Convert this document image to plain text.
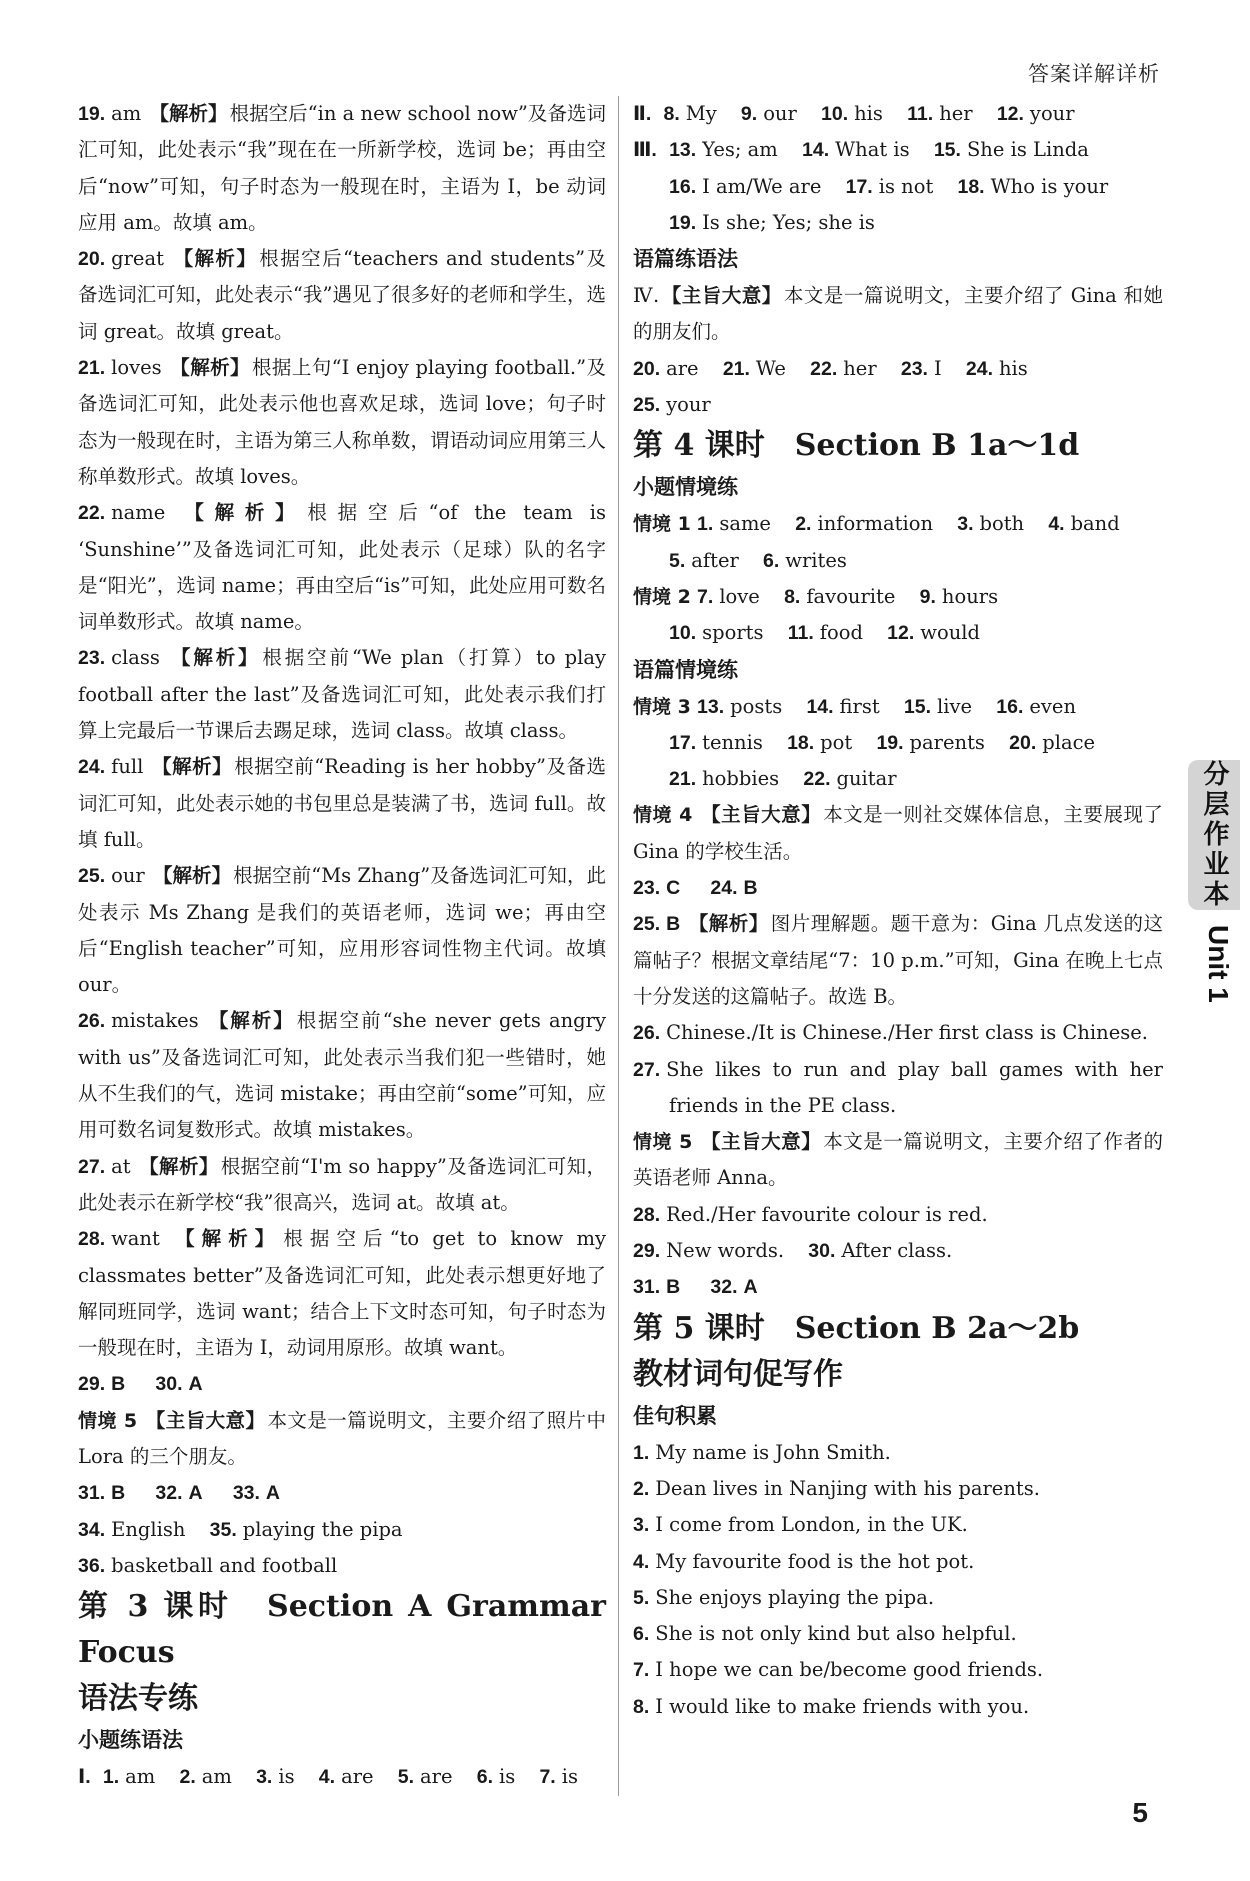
答案详解详析

19. am 【解析】 根据空后“in a new school now”及备选词汇可知，此处表示“我”现在在一所新学校，选词 be；再由空后“now”可知，句子时态为一般现在时，主语为 I，be 动词应用 am。故填 am。

20. great 【解析】 根据空后“teachers and students”及备选词汇可知，此处表示“我”遇见了很多好的老师和学生，选词 great。故填 great。

21. loves 【解析】 根据上句“I enjoy playing football.”及备选词汇可知，此处表示他也喜欢足球，选词 love；句子时态为一般现在时，主语为第三人称单数，谓语动词应用第三人称单数形式。故填 loves。

22. name 【解析】 根据空后“of the team is ‘Sunshine’”及备选词汇可知，此处表示（足球）队的名字是“阳光”，选词 name；再由空后“is”可知，此处应用可数名词单数形式。故填 name。

23. class 【解析】 根据空前“We plan（打算）to play football after the last”及备选词汇可知，此处表示我们打算上完最后一节课后去踢足球，选词 class。故填 class。

24. full 【解析】 根据空前“Reading is her hobby”及备选词汇可知，此处表示她的书包里总是装满了书，选词 full。故填 full。

25. our 【解析】 根据空前“Ms Zhang”及备选词汇可知，此处表示 Ms Zhang 是我们的英语老师，选词 we；再由空后“English teacher”可知，应用形容词性物主代词。故填 our。

26. mistakes 【解析】 根据空前“she never gets angry with us”及备选词汇可知，此处表示当我们犯一些错时，她从不生我们的气，选词 mistake；再由空前“some”可知，应用可数名词复数形式。故填 mistakes。

27. at 【解析】 根据空前“I'm so happy”及备选词汇可知，此处表示在新学校“我”很高兴，选词 at。故填 at。

28. want 【解析】 根据空后“to get to know my classmates better”及备选词汇可知，此处表示想更好地了解同班同学，选词 want；结合上下文时态可知，句子时态为一般现在时，主语为 I，动词用原形。故填 want。

29. B 30. A

情境 5 【主旨大意】 本文是一篇说明文，主要介绍了照片中 Lora 的三个朋友。

31. B 32. A 33. A

34. English 35. playing the pipa

36. basketball and football

第 3 课时　Section A Grammar Focus

语法专练

小题练语法

Ⅰ. 1. am 2. am 3. is 4. are 5. are 6. is 7. is

Ⅱ. 8. My 9. our 10. his 11. her 12. your

Ⅲ. 13. Yes; am 14. What is 15. She is Linda

16. I am/We are 17. is not 18. Who is your

19. Is she; Yes; she is

语篇练语法

Ⅳ. 【主旨大意】 本文是一篇说明文，主要介绍了 Gina 和她的朋友们。

20. are 21. We 22. her 23. I 24. his

25. your

第 4 课时　Section B 1a～1d

小题情境练

情境 1 1. same 2. information 3. both 4. band

5. after 6. writes

情境 2 7. love 8. favourite 9. hours

10. sports 11. food 12. would

语篇情境练

情境 3 13. posts 14. first 15. live 16. even

17. tennis 18. pot 19. parents 20. place

21. hobbies 22. guitar

情境 4 【主旨大意】 本文是一则社交媒体信息，主要展现了 Gina 的学校生活。

23. C 24. B

25. B 【解析】 图片理解题。题干意为：Gina 几点发送的这篇帖子？根据文章结尾“7：10 p.m.”可知，Gina 在晚上七点十分发送的这篇帖子。故选 B。

26. Chinese./It is Chinese./Her first class is Chinese.

27. She likes to run and play ball games with her friends in the PE class.

情境 5 【主旨大意】 本文是一篇说明文，主要介绍了作者的英语老师 Anna。

28. Red./Her favourite colour is red.

29. New words. 30. After class.

31. B 32. A

第 5 课时　Section B 2a～2b

教材词句促写作

佳句积累

1. My name is John Smith.

2. Dean lives in Nanjing with his parents.

3. I come from London, in the UK.

4. My favourite food is the hot pot.

5. She enjoys playing the pipa.

6. She is not only kind but also helpful.

7. I hope we can be/become good friends.

8. I would like to make friends with you.

分层作业本
Unit 1
5
